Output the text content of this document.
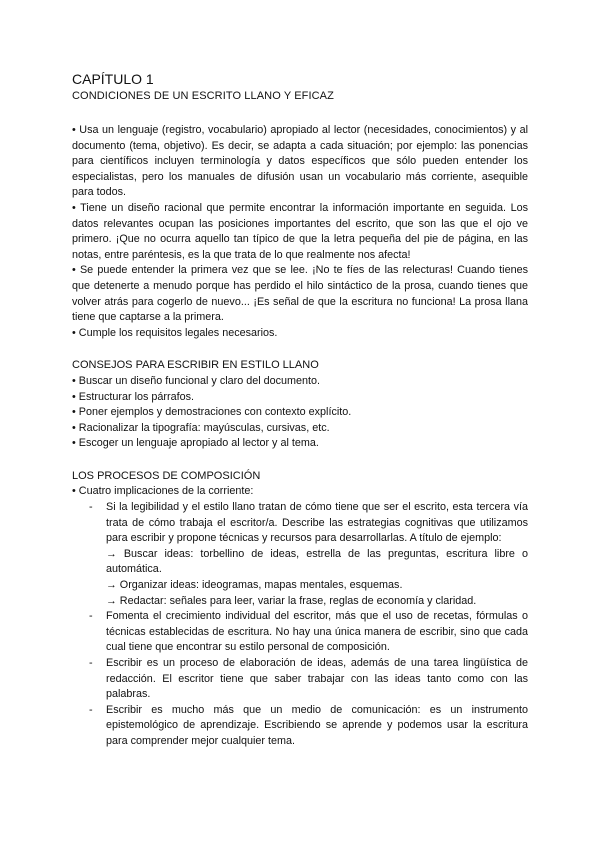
CAPÍTULO 1

CONDICIONES DE UN ESCRITO LLANO Y EFICAZ

• Usa un lenguaje (registro, vocabulario) apropiado al lector (necesidades, conocimientos) y al documento (tema, objetivo). Es decir, se adapta a cada situación; por ejemplo: las ponencias para científicos incluyen terminología y datos específicos que sólo pueden entender los especialistas, pero los manuales de difusión usan un vocabulario más corriente, asequible para todos.

• Tiene un diseño racional que permite encontrar la información importante en seguida. Los datos relevantes ocupan las posiciones importantes del escrito, que son las que el ojo ve primero. ¡Que no ocurra aquello tan típico de que la letra pequeña del pie de página, en las notas, entre paréntesis, es la que trata de lo que realmente nos afecta!

• Se puede entender la primera vez que se lee. ¡No te fíes de las relecturas! Cuando tienes que detenerte a menudo porque has perdido el hilo sintáctico de la prosa, cuando tienes que volver atrás para cogerlo de nuevo... ¡Es señal de que la escritura no funciona! La prosa llana tiene que captarse a la primera.

• Cumple los requisitos legales necesarios.

CONSEJOS PARA ESCRIBIR EN ESTILO LLANO

• Buscar un diseño funcional y claro del documento.
• Estructurar los párrafos.
• Poner ejemplos y demostraciones con contexto explícito.
• Racionalizar la tipografía: mayúsculas, cursivas, etc.
• Escoger un lenguaje apropiado al lector y al tema.

LOS PROCESOS DE COMPOSICIÓN

• Cuatro implicaciones de la corriente:

- Si la legibilidad y el estilo llano tratan de cómo tiene que ser el escrito, esta tercera vía trata de cómo trabaja el escritor/a. Describe las estrategias cognitivas que utilizamos para escribir y propone técnicas y recursos para desarrollarlas. A título de ejemplo:
→ Buscar ideas: torbellino de ideas, estrella de las preguntas, escritura libre o automática.
→ Organizar ideas: ideogramas, mapas mentales, esquemas.
→ Redactar: señales para leer, variar la frase, reglas de economía y claridad.
- Fomenta el crecimiento individual del escritor, más que el uso de recetas, fórmulas o técnicas establecidas de escritura. No hay una única manera de escribir, sino que cada cual tiene que encontrar su estilo personal de composición.
- Escribir es un proceso de elaboración de ideas, además de una tarea lingüística de redacción. El escritor tiene que saber trabajar con las ideas tanto como con las palabras.
- Escribir es mucho más que un medio de comunicación: es un instrumento epistemológico de aprendizaje. Escribiendo se aprende y podemos usar la escritura para comprender mejor cualquier tema.
